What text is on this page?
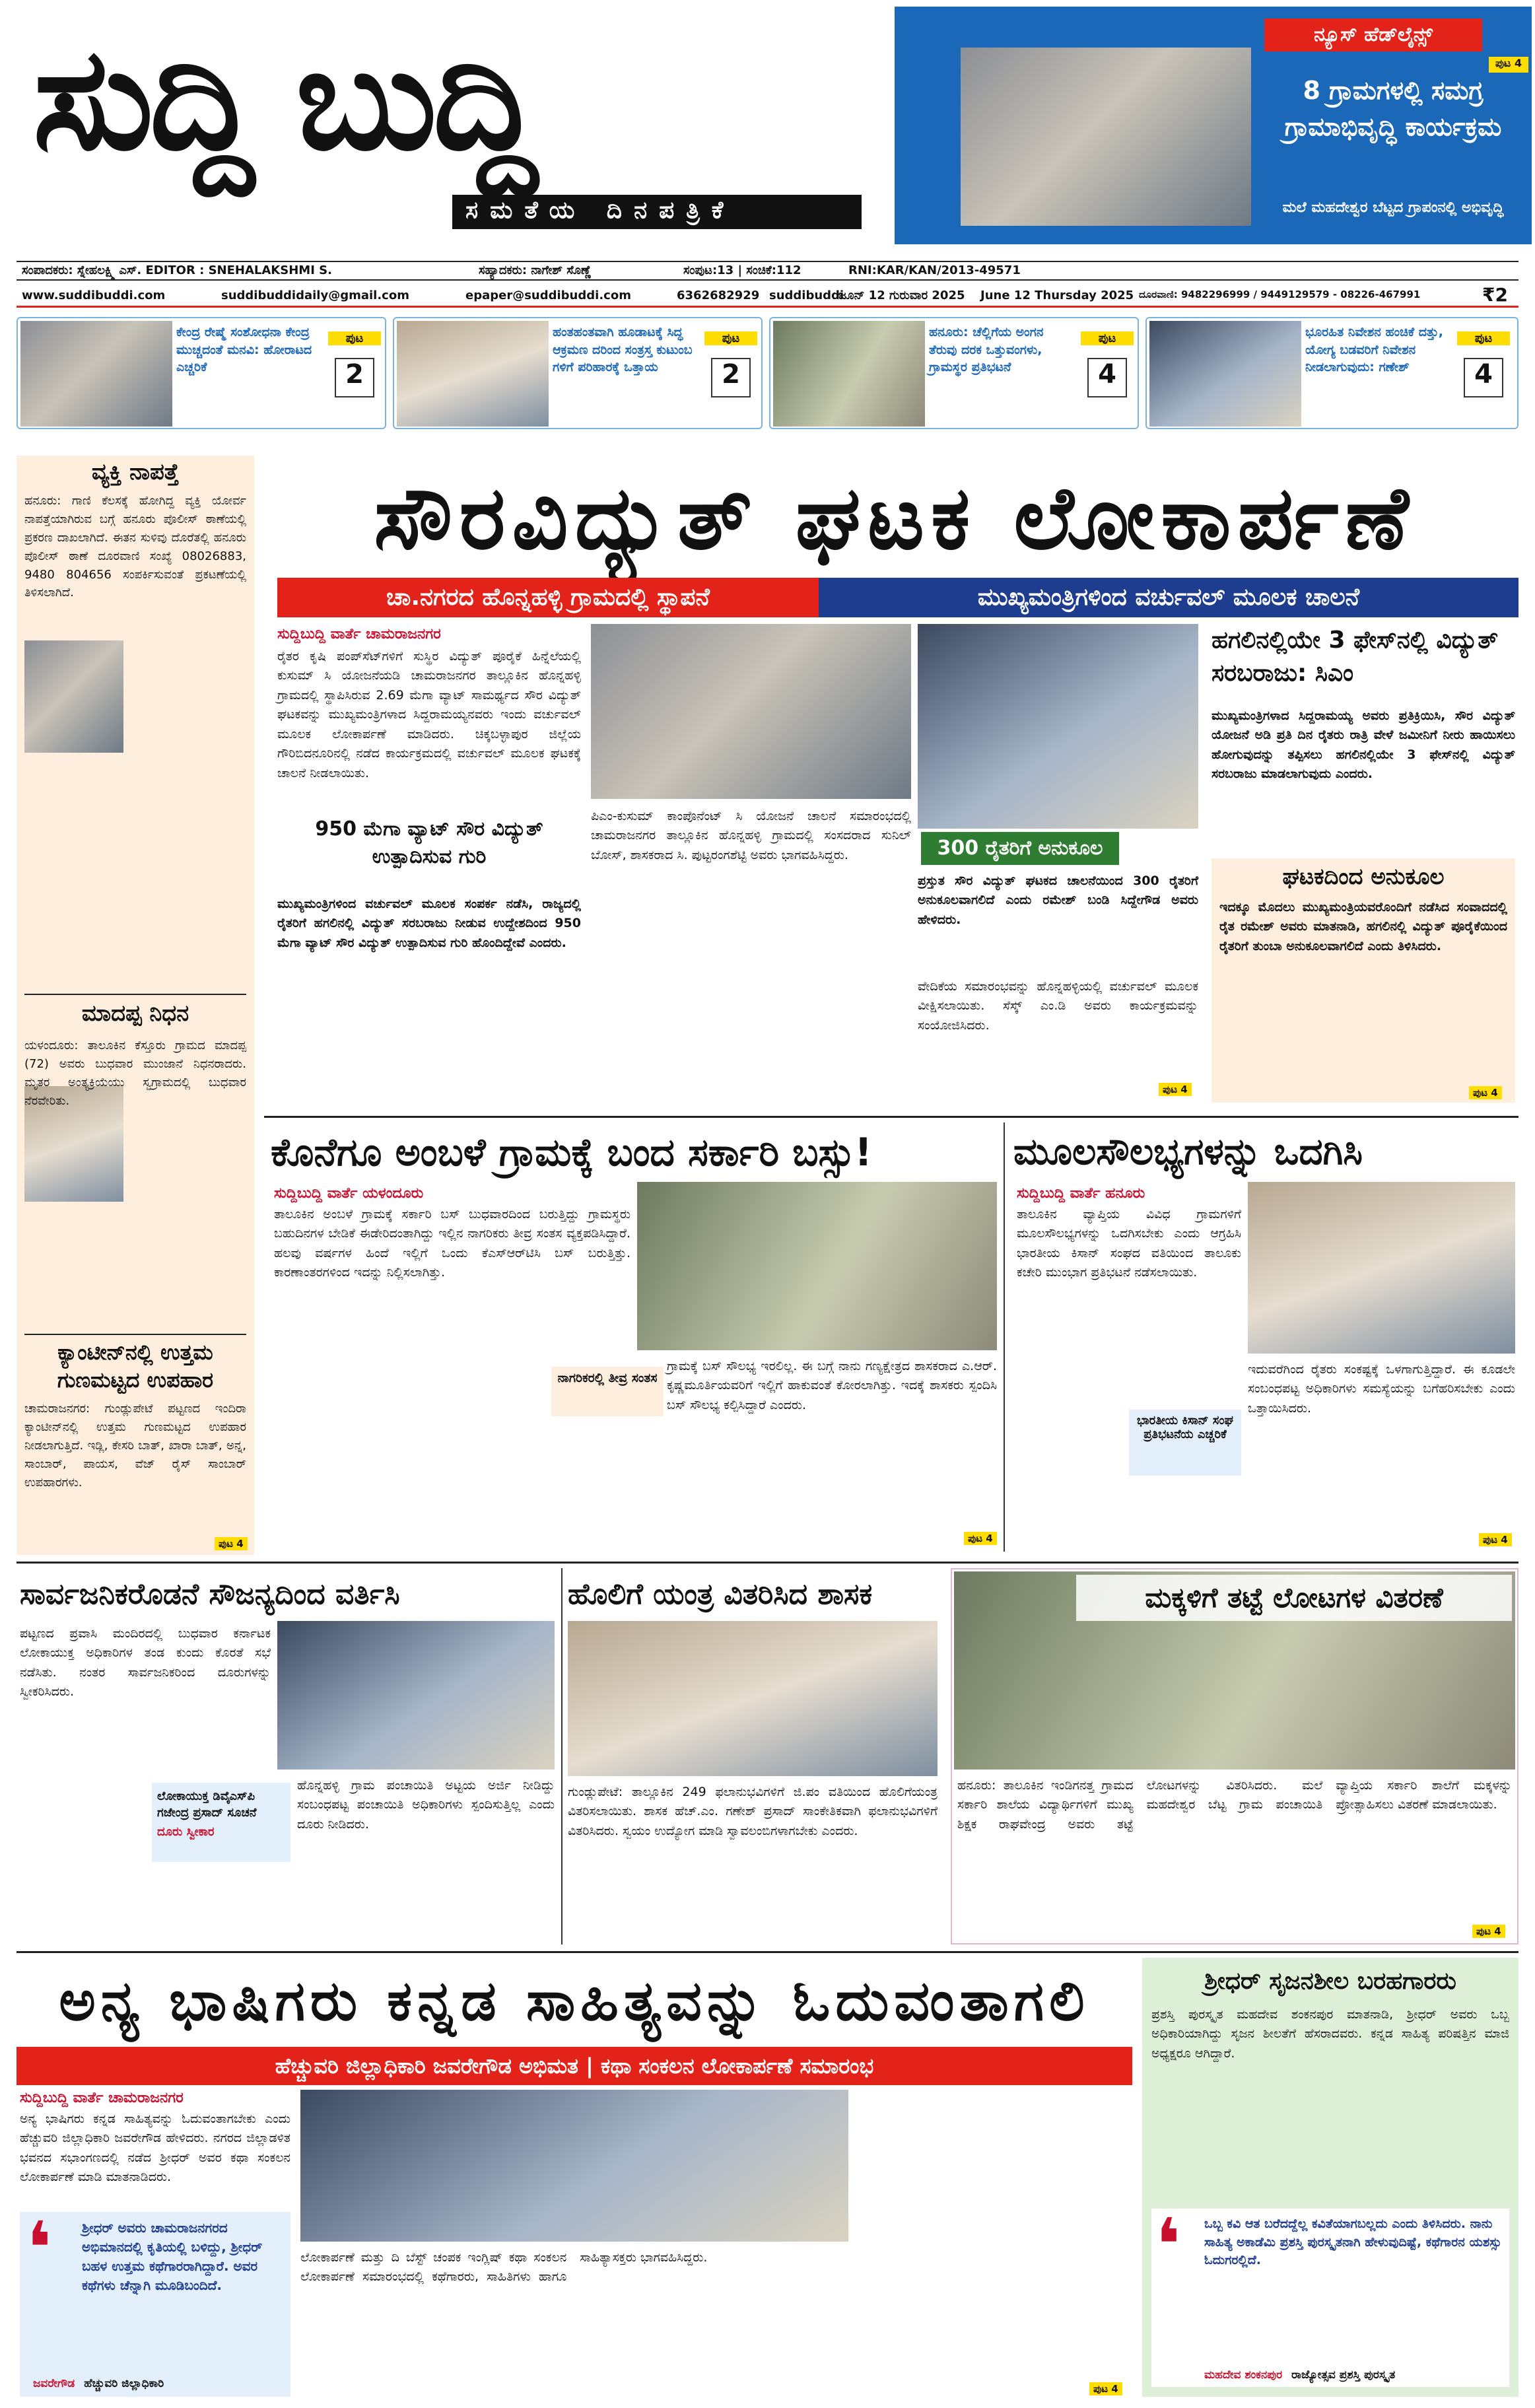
ಸುದ್ದಿ ಬುದ್ದಿ
ಸಮತೆಯ ದಿನಪತ್ರಿಕೆ
ನ್ಯೂಸ್ ಹೆಡ್‌ಲೈನ್ಸ್
ಪುಟ 4
8 ಗ್ರಾಮಗಳಲ್ಲಿ ಸಮಗ್ರ ಗ್ರಾಮಾಭಿವೃದ್ಧಿ ಕಾರ್ಯಕ್ರಮ
ಮಲೆ ಮಹದೇಶ್ವರ ಬೆಟ್ಟದ ಗ್ರಾಪಂನಲ್ಲಿ ಅಭಿವೃದ್ಧಿ
ಸಂಪಾದಕರು: ಸ್ನೇಹಲಕ್ಷ್ಮಿ ಎಸ್. EDITOR : SNEHALAKSHMI S.	ಸಹ್ಯಾದಕರು: ನಾಗೇಶ್ ಸೊಣ್ಣೆ	ಸಂಪುಟ:13 | ಸಂಚಿಕೆ:112	RNI:KAR/KAN/2013-49571
www.suddibuddi.com	suddibuddidaily@gmail.com	epaper@suddibuddi.com	6362682929 suddibuddi
ಜೂನ್ 12 ಗುರುವಾರ 2025 June 12 Thursday 2025 ದೂರವಾಣಿ: 9482296999 / 9449129579 - 08226-467991	₹2
ಕೇಂದ್ರ ರೇಷ್ಮೆ ಸಂಶೋಧನಾ ಕೇಂದ್ರ ಮುಚ್ಚದಂತೆ ಮನವಿ: ಹೋರಾಟದ ಎಚ್ಚರಿಕೆ
ಪುಟ
2
ಹಂತಹಂತವಾಗಿ ಹೂಡಾಟಕ್ಕೆ ಸಿದ್ಧ ಆಕ್ರಮಣ ದರಿಂದ ಸಂತ್ರಸ್ತ ಕುಟುಂಬ ಗಳಿಗೆ ಪರಿಹಾರಕ್ಕೆ ಒತ್ತಾಯ
ಪುಟ
2
ಹನೂರು: ಚೆಲ್ಲಿಗೆಯ ಅಂಗನ ತೆರುವು ದರಕ ಒತ್ತುವಂಗಳು, ಗ್ರಾಮಸ್ಥರ ಪ್ರತಿಭಟನೆ
ಪುಟ
4
ಭೂರಹಿತ ನಿವೇಶನ ಹಂಚಿಕೆ ದತ್ತು, ಯೋಗ್ಯ ಬಡವರಿಗೆ ನಿವೇಶನ ನೀಡಲಾಗುವುದು: ಗಣೇಶ್
ಪುಟ
4
ವ್ಯಕ್ತಿ ನಾಪತ್ತೆ
ಹನೂರು: ಗಾಣಿ ಕೆಲಸಕ್ಕೆ ಹೋಗಿದ್ದ ವ್ಯಕ್ತಿ ಯೋರ್ವ ನಾಪತ್ತೆಯಾಗಿರುವ ಬಗ್ಗೆ ಹನೂರು ಪೊಲೀಸ್ ಠಾಣೆಯಲ್ಲಿ ಪ್ರಕರಣ ದಾಖಲಾಗಿದೆ. ಈತನ ಸುಳಿವು ದೊರೆತಲ್ಲಿ ಹನೂರು ಪೊಲೀಸ್ ಠಾಣೆ ದೂರವಾಣಿ ಸಂಖ್ಯೆ 08026883, 9480 804656 ಸಂಪರ್ಕಿಸುವಂತೆ ಪ್ರಕಟಣೆಯಲ್ಲಿ ತಿಳಿಸಲಾಗಿದೆ.
ಮಾದಪ್ಪ ನಿಧನ
ಯಳಂದೂರು: ತಾಲೂಕಿನ ಕೆಸ್ತೂರು ಗ್ರಾಮದ ಮಾದಪ್ಪ (72) ಅವರು ಬುಧವಾರ ಮುಂಜಾನೆ ನಿಧನರಾದರು. ಮೃತರ ಅಂತ್ಯಕ್ರಿಯೆಯು ಸ್ವಗ್ರಾಮದಲ್ಲಿ ಬುಧವಾರ ನೆರವೇರಿತು.
ಕ್ಯಾಂಟೀನ್‌ನಲ್ಲಿ ಉತ್ತಮ ಗುಣಮಟ್ಟದ ಉಪಹಾರ
ಚಾಮರಾಜನಗರ: ಗುಂಡ್ಲುಪೇಟೆ ಪಟ್ಟಣದ ಇಂದಿರಾ ಕ್ಯಾಂಟೀನ್‌ನಲ್ಲಿ ಉತ್ತಮ ಗುಣಮಟ್ಟದ ಉಪಹಾರ ನೀಡಲಾಗುತ್ತಿದೆ. ಇಡ್ಲಿ, ಕೇಸರಿ ಬಾತ್, ಖಾರಾ ಬಾತ್, ಅನ್ನ, ಸಾಂಬಾರ್, ಪಾಯಸ, ವೆಜ್ ರೈಸ್ ಸಾಂಬಾರ್ ಉಪಹಾರಗಳು.
ಪುಟ 4
ಸೌರವಿದ್ಯುತ್ ಘಟಕ ಲೋಕಾರ್ಪಣೆ
ಚಾ.ನಗರದ ಹೊನ್ನಹಳ್ಳಿ ಗ್ರಾಮದಲ್ಲಿ ಸ್ಥಾಪನೆ	ಮುಖ್ಯಮಂತ್ರಿಗಳಿಂದ ವರ್ಚುವಲ್ ಮೂಲಕ ಚಾಲನೆ
ಸುದ್ದಿಬುದ್ದಿ ವಾರ್ತೆ ಚಾಮರಾಜನಗರ
ರೈತರ ಕೃಷಿ ಪಂಪ್‌ಸೆಟ್‌ಗಳಿಗೆ ಸುಸ್ಥಿರ ವಿದ್ಯುತ್ ಪೂರೈಕೆ ಹಿನ್ನೆಲೆಯಲ್ಲಿ ಕುಸುಮ್ ಸಿ ಯೋಜನೆಯಡಿ ಚಾಮರಾಜನಗರ ತಾಲ್ಲೂಕಿನ ಹೊನ್ನಹಳ್ಳಿ ಗ್ರಾಮದಲ್ಲಿ ಸ್ಥಾಪಿಸಿರುವ 2.69 ಮೆಗಾ ವ್ಯಾಟ್ ಸಾಮರ್ಥ್ಯದ ಸೌರ ವಿದ್ಯುತ್ ಘಟಕವನ್ನು ಮುಖ್ಯಮಂತ್ರಿಗಳಾದ ಸಿದ್ದರಾಮಯ್ಯನವರು ಇಂದು ವರ್ಚುವಲ್ ಮೂಲಕ ಲೋಕಾರ್ಪಣೆ ಮಾಡಿದರು. ಚಿಕ್ಕಬಳ್ಳಾಪುರ ಜಿಲ್ಲೆಯ ಗೌರಿಬಿದನೂರಿನಲ್ಲಿ ನಡೆದ ಕಾರ್ಯಕ್ರಮದಲ್ಲಿ ವರ್ಚುವಲ್ ಮೂಲಕ ಘಟಕಕ್ಕೆ ಚಾಲನೆ ನೀಡಲಾಯಿತು.
950 ಮೆಗಾ ವ್ಯಾಟ್ ಸೌರ ವಿದ್ಯುತ್ ಉತ್ಪಾದಿಸುವ ಗುರಿ
ಮುಖ್ಯಮಂತ್ರಿಗಳಿಂದ ವರ್ಚುವಲ್ ಮೂಲಕ ಸಂಪರ್ಕ ನಡೆಸಿ, ರಾಜ್ಯದಲ್ಲಿ ರೈತರಿಗೆ ಹಗಲಿನಲ್ಲಿ ವಿದ್ಯುತ್ ಸರಬರಾಜು ನೀಡುವ ಉದ್ದೇಶದಿಂದ 950 ಮೆಗಾ ವ್ಯಾಟ್ ಸೌರ ವಿದ್ಯುತ್ ಉತ್ಪಾದಿಸುವ ಗುರಿ ಹೊಂದಿದ್ದೇವೆ ಎಂದರು.
ಪಿಎಂ-ಕುಸುಮ್ ಕಾಂಪೊನೆಂಟ್ ಸಿ ಯೋಜನೆ ಚಾಲನೆ ಸಮಾರಂಭದಲ್ಲಿ ಚಾಮರಾಜನಗರ ತಾಲ್ಲೂಕಿನ ಹೊನ್ನಹಳ್ಳಿ ಗ್ರಾಮದಲ್ಲಿ ಸಂಸದರಾದ ಸುನಿಲ್ ಬೋಸ್, ಶಾಸಕರಾದ ಸಿ. ಪುಟ್ಟರಂಗಶೆಟ್ಟಿ ಅವರು ಭಾಗವಹಿಸಿದ್ದರು.	300 ರೈತರಿಗೆ ಅನುಕೂಲ
ಪ್ರಸ್ತುತ ಸೌರ ವಿದ್ಯುತ್ ಘಟಕದ ಚಾಲನೆಯಿಂದ 300 ರೈತರಿಗೆ ಅನುಕೂಲವಾಗಲಿದೆ ಎಂದು ರಮೇಶ್ ಬಂಡಿ ಸಿದ್ದೇಗೌಡ ಅವರು ಹೇಳಿದರು.
ವೇದಿಕೆಯ ಸಮಾರಂಭವನ್ನು ಹೊನ್ನಹಳ್ಳಿಯಲ್ಲಿ ವರ್ಚುವಲ್ ಮೂಲಕ ವೀಕ್ಷಿಸಲಾಯಿತು. ಸೆಸ್ಕ್ ಎಂ.ಡಿ ಅವರು ಕಾರ್ಯಕ್ರಮವನ್ನು ಸಂಯೋಜಿಸಿದರು.
ಪುಟ 4
ಹಗಲಿನಲ್ಲಿಯೇ 3 ಫೇಸ್‌ನಲ್ಲಿ ವಿದ್ಯುತ್ ಸರಬರಾಜು: ಸಿಎಂ
ಮುಖ್ಯಮಂತ್ರಿಗಳಾದ ಸಿದ್ದರಾಮಯ್ಯ ಅವರು ಪ್ರತಿಕ್ರಿಯಿಸಿ, ಸೌರ ವಿದ್ಯುತ್ ಯೋಜನೆ ಅಡಿ ಪ್ರತಿ ದಿನ ರೈತರು ರಾತ್ರಿ ವೇಳೆ ಜಮೀನಿಗೆ ನೀರು ಹಾಯಿಸಲು ಹೋಗುವುದನ್ನು ತಪ್ಪಿಸಲು ಹಗಲಿನಲ್ಲಿಯೇ 3 ಫೇಸ್‌ನಲ್ಲಿ ವಿದ್ಯುತ್ ಸರಬರಾಜು ಮಾಡಲಾಗುವುದು ಎಂದರು.
ಘಟಕದಿಂದ ಅನುಕೂಲ
ಇದಕ್ಕೂ ಮೊದಲು ಮುಖ್ಯಮಂತ್ರಿಯವರೊಂದಿಗೆ ನಡೆಸಿದ ಸಂವಾದದಲ್ಲಿ ರೈತ ರಮೇಶ್ ಅವರು ಮಾತನಾಡಿ, ಹಗಲಿನಲ್ಲಿ ವಿದ್ಯುತ್ ಪೂರೈಕೆಯಿಂದ ರೈತರಿಗೆ ತುಂಬಾ ಅನುಕೂಲವಾಗಲಿದೆ ಎಂದು ತಿಳಿಸಿದರು.
ಪುಟ 4
ಕೊನೆಗೂ ಅಂಬಳೆ ಗ್ರಾಮಕ್ಕೆ ಬಂದ ಸರ್ಕಾರಿ ಬಸ್ಸು!
ಸುದ್ದಿಬುದ್ದಿ ವಾರ್ತೆ ಯಳಂದೂರು
ತಾಲೂಕಿನ ಅಂಬಳೆ ಗ್ರಾಮಕ್ಕೆ ಸರ್ಕಾರಿ ಬಸ್ ಬುಧವಾರದಿಂದ ಬರುತ್ತಿದ್ದು ಗ್ರಾಮಸ್ಥರು ಬಹುದಿನಗಳ ಬೇಡಿಕೆ ಈಡೇರಿದಂತಾಗಿದ್ದು ಇಲ್ಲಿನ ನಾಗರಿಕರು ತೀವ್ರ ಸಂತಸ ವ್ಯಕ್ತಪಡಿಸಿದ್ದಾರೆ. ಹಲವು ವರ್ಷಗಳ ಹಿಂದೆ ಇಲ್ಲಿಗೆ ಒಂದು ಕೆಎಸ್‌ಆರ್‌ಟಿಸಿ ಬಸ್ ಬರುತ್ತಿತ್ತು. ಕಾರಣಾಂತರಗಳಿಂದ ಇದನ್ನು ನಿಲ್ಲಿಸಲಾಗಿತ್ತು.
ನಾಗರಿಕರಲ್ಲಿ ತೀವ್ರ ಸಂತಸ
ಗ್ರಾಮಕ್ಕೆ ಬಸ್ ಸೌಲಭ್ಯ ಇರಲಿಲ್ಲ. ಈ ಬಗ್ಗೆ ನಾನು ಗಣ್ಯಕ್ಷೇತ್ರದ ಶಾಸಕರಾದ ಎ.ಆರ್. ಕೃಷ್ಣಮೂರ್ತಿಯವರಿಗೆ ಇಲ್ಲಿಗೆ ಹಾಕುವಂತೆ ಕೋರಲಾಗಿತ್ತು. ಇದಕ್ಕೆ ಶಾಸಕರು ಸ್ಪಂದಿಸಿ ಬಸ್ ಸೌಲಭ್ಯ ಕಲ್ಪಿಸಿದ್ದಾರೆ ಎಂದರು.
ಪುಟ 4
ಮೂಲಸೌಲಭ್ಯಗಳನ್ನು ಒದಗಿಸಿ
ಸುದ್ದಿಬುದ್ದಿ ವಾರ್ತೆ ಹನೂರು
ತಾಲೂಕಿನ ವ್ಯಾಪ್ತಿಯ ವಿವಿಧ ಗ್ರಾಮಗಳಿಗೆ ಮೂಲಸೌಲಭ್ಯಗಳನ್ನು ಒದಗಿಸಬೇಕು ಎಂದು ಆಗ್ರಹಿಸಿ ಭಾರತೀಯ ಕಿಸಾನ್ ಸಂಘದ ವತಿಯಿಂದ ತಾಲೂಕು ಕಚೇರಿ ಮುಂಭಾಗ ಪ್ರತಿಭಟನೆ ನಡೆಸಲಾಯಿತು.
ಭಾರತೀಯ ಕಿಸಾನ್ ಸಂಘ ಪ್ರತಿಭಟನೆಯ ಎಚ್ಚರಿಕೆ
ಇದುವರೆಗಿಂದ ರೈತರು ಸಂಕಷ್ಟಕ್ಕೆ ಒಳಗಾಗುತ್ತಿದ್ದಾರೆ. ಈ ಕೂಡಲೇ ಸಂಬಂಧಪಟ್ಟ ಅಧಿಕಾರಿಗಳು ಸಮಸ್ಯೆಯನ್ನು ಬಗೆಹರಿಸಬೇಕು ಎಂದು ಒತ್ತಾಯಿಸಿದರು.
ಪುಟ 4
ಸಾರ್ವಜನಿಕರೊಡನೆ ಸೌಜನ್ಯದಿಂದ ವರ್ತಿಸಿ
ಪಟ್ಟಣದ ಪ್ರವಾಸಿ ಮಂದಿರದಲ್ಲಿ ಬುಧವಾರ ಕರ್ನಾಟಕ ಲೋಕಾಯುಕ್ತ ಅಧಿಕಾರಿಗಳ ತಂಡ ಕುಂದು ಕೊರತೆ ಸಭೆ ನಡೆಸಿತು. ನಂತರ ಸಾರ್ವಜನಿಕರಿಂದ ದೂರುಗಳನ್ನು ಸ್ವೀಕರಿಸಿದರು.
ಲೋಕಾಯುಕ್ತ ಡಿವೈಎಸ್‌ಪಿ ಗಜೇಂದ್ರ ಪ್ರಸಾದ್ ಸೂಚನೆ
ದೂರು ಸ್ವೀಕಾರ
ಹೊನ್ನಹಳ್ಳಿ ಗ್ರಾಮ ಪಂಚಾಯಿತಿ ಅಟ್ಟಯ ಅರ್ಜಿ ನೀಡಿದ್ದು ಸಂಬಂಧಪಟ್ಟ ಪಂಚಾಯಿತಿ ಅಧಿಕಾರಿಗಳು ಸ್ಪಂದಿಸುತ್ತಿಲ್ಲ ಎಂದು ದೂರು ನೀಡಿದರು.
ಹೊಲಿಗೆ ಯಂತ್ರ ವಿತರಿಸಿದ ಶಾಸಕ
ಗುಂಡ್ಲುಪೇಟೆ: ತಾಲ್ಲೂಕಿನ 249 ಫಲಾನುಭವಿಗಳಿಗೆ ಜಿ.ಪಂ ವತಿಯಿಂದ ಹೊಲಿಗೆಯಂತ್ರ ವಿತರಿಸಲಾಯಿತು. ಶಾಸಕ ಹೆಚ್.ಎಂ. ಗಣೇಶ್ ಪ್ರಸಾದ್ ಸಾಂಕೇತಿಕವಾಗಿ ಫಲಾನುಭವಿಗಳಿಗೆ ವಿತರಿಸಿದರು. ಸ್ವಯಂ ಉದ್ಯೋಗ ಮಾಡಿ ಸ್ವಾವಲಂಬಿಗಳಾಗಬೇಕು ಎಂದರು.
ಮಕ್ಕಳಿಗೆ ತಟ್ಟೆ ಲೋಟಗಳ ವಿತರಣೆ
ಹನೂರು: ತಾಲೂಕಿನ ಇಂಡಿಗನತ್ತ ಗ್ರಾಮದ ಸರ್ಕಾರಿ ಶಾಲೆಯ ವಿದ್ಯಾರ್ಥಿಗಳಿಗೆ ಮುಖ್ಯ ಶಿಕ್ಷಕ ರಾಘವೇಂದ್ರ ಅವರು ತಟ್ಟೆ ಲೋಟಗಳನ್ನು ವಿತರಿಸಿದರು. ಮಲೆ ಮಹದೇಶ್ವರ ಬೆಟ್ಟ ಗ್ರಾಮ ಪಂಚಾಯಿತಿ ವ್ಯಾಪ್ತಿಯ ಸರ್ಕಾರಿ ಶಾಲೆಗೆ ಮಕ್ಕಳನ್ನು ಪ್ರೋತ್ಸಾಹಿಸಲು ವಿತರಣೆ ಮಾಡಲಾಯಿತು.
ಪುಟ 4
ಅನ್ಯ ಭಾಷಿಗರು ಕನ್ನಡ ಸಾಹಿತ್ಯವನ್ನು ಓದುವಂತಾಗಲಿ
ಹೆಚ್ಚುವರಿ ಜಿಲ್ಲಾಧಿಕಾರಿ ಜವರೇಗೌಡ ಅಭಿಮತ | ಕಥಾ ಸಂಕಲನ ಲೋಕಾರ್ಪಣೆ ಸಮಾರಂಭ
ಸುದ್ದಿಬುದ್ದಿ ವಾರ್ತೆ ಚಾಮರಾಜನಗರ
ಅನ್ಯ ಭಾಷಿಗರು ಕನ್ನಡ ಸಾಹಿತ್ಯವನ್ನು ಓದುವಂತಾಗಬೇಕು ಎಂದು ಹೆಚ್ಚುವರಿ ಜಿಲ್ಲಾಧಿಕಾರಿ ಜವರೇಗೌಡ ಹೇಳಿದರು. ನಗರದ ಜಿಲ್ಲಾಡಳಿತ ಭವನದ ಸಭಾಂಗಣದಲ್ಲಿ ನಡೆದ ಶ್ರೀಧರ್ ಅವರ ಕಥಾ ಸಂಕಲನ ಲೋಕಾರ್ಪಣೆ ಮಾಡಿ ಮಾತನಾಡಿದರು.
❛ ಶ್ರೀಧರ್ ಅವರು ಚಾಮರಾಜನಗರದ ಅಭಿಮಾನದಲ್ಲಿ ಕೃತಿಯಲ್ಲಿ ಬಳಿದ್ದು, ಶ್ರೀಧರ್ ಬಹಳ ಉತ್ತಮ ಕಥೆಗಾರರಾಗಿದ್ದಾರೆ. ಅವರ ಕಥೆಗಳು ಚೆನ್ನಾಗಿ ಮೂಡಿಬಂದಿದೆ.
ಜವರೇಗೌಡ ಹೆಚ್ಚುವರಿ ಜಿಲ್ಲಾಧಿಕಾರಿ
ಲೋಕಾರ್ಪಣೆ ಮತ್ತು ದಿ ಬೆಸ್ಟ್ ಚಂಪಕ ಇಂಗ್ಲಿಷ್ ಕಥಾ ಸಂಕಲನ ಲೋಕಾರ್ಪಣೆ ಸಮಾರಂಭದಲ್ಲಿ ಕಥೆಗಾರರು, ಸಾಹಿತಿಗಳು ಹಾಗೂ ಸಾಹಿತ್ಯಾಸಕ್ತರು ಭಾಗವಹಿಸಿದ್ದರು.
ಪುಟ 4
ಶ್ರೀಧರ್ ಸೃಜನಶೀಲ ಬರಹಗಾರರು
ಪ್ರಶಸ್ತಿ ಪುರಸ್ಕೃತ ಮಹದೇವ ಶಂಕನಪುರ ಮಾತನಾಡಿ, ಶ್ರೀಧರ್ ಅವರು ಒಬ್ಬ ಅಧಿಕಾರಿಯಾಗಿದ್ದು ಸೃಜನ ಶೀಲತೆಗೆ ಹೆಸರಾದವರು. ಕನ್ನಡ ಸಾಹಿತ್ಯ ಪರಿಷತ್ತಿನ ಮಾಜಿ ಅಧ್ಯಕ್ಷರೂ ಆಗಿದ್ದಾರೆ.
❛ ಒಬ್ಬ ಕವಿ ಆತ ಬರೆದದ್ದೆಲ್ಲ ಕವಿತೆಯಾಗಬಲ್ಲದು ಎಂದು ತಿಳಿಸಿದರು. ನಾನು ಸಾಹಿತ್ಯ ಅಕಾಡೆಮಿ ಪ್ರಶಸ್ತಿ ಪುರಸ್ಕೃತನಾಗಿ ಹೇಳುವುದಿಷ್ಟೆ, ಕಥೆಗಾರನ ಯಶಸ್ಸು ಓದುಗರಲ್ಲಿದೆ.
ಮಹದೇವ ಶಂಕನಪುರ ರಾಜ್ಯೋತ್ಸವ ಪ್ರಶಸ್ತಿ ಪುರಸ್ಕೃತ
